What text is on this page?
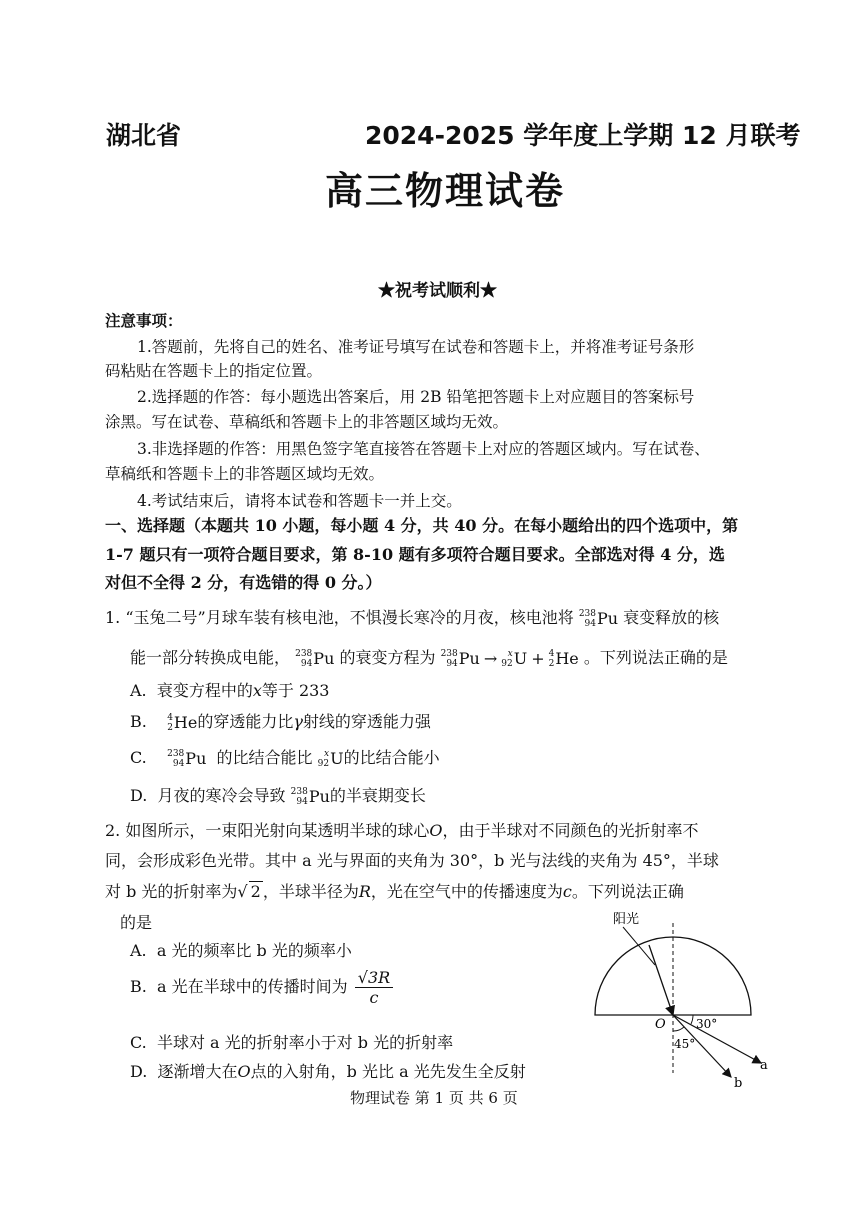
湖北省	2024-2025 学年度上学期 12 月联考
高三物理试卷
★祝考试顺利★
注意事项：
1.答题前，先将自己的姓名、准考证号填写在试卷和答题卡上，并将准考证号条形
码粘贴在答题卡上的指定位置。
2.选择题的作答：每小题选出答案后，用 2B 铅笔把答题卡上对应题目的答案标号
涂黑。写在试卷、草稿纸和答题卡上的非答题区域均无效。
3.非选择题的作答：用黑色签字笔直接答在答题卡上对应的答题区域内。写在试卷、
草稿纸和答题卡上的非答题区域均无效。
4.考试结束后，请将本试卷和答题卡一并上交。
一、选择题（本题共 10 小题，每小题 4 分，共 40 分。在每小题给出的四个选项中，第
1-7 题只有一项符合题目要求，第 8-10 题有多项符合题目要求。全部选对得 4 分，选
对但不全得 2 分，有选错的得 0 分。）
1. “玉兔二号”月球车装有核电池，不惧漫长寒冷的月夜，核电池将 238
94 Pu 衰变释放的核
能一部分转换成电能， 238
94 Pu 的衰变方程为 238
94 Pu → x
92 U + 4
2 He 。下列说法正确的是
A. 衰变方程中的x等于 233
B. 4
2 He 的穿透能力比γ射线的穿透能力强
C. 238
94 Pu 的比结合能比 x
92 U 的比结合能小
D. 月夜的寒冷会导致 238
94 Pu 的半衰期变长
2. 如图所示，一束阳光射向某透明半球的球心O，由于半球对不同颜色的光折射率不
同，会形成彩色光带。其中 a 光与界面的夹角为 30°，b 光与法线的夹角为 45°，半球
对 b 光的折射率为√ 2 ，半球半径为R，光在空气中的传播速度为c。下列说法正确
的是
A. a 光的频率比 b 光的频率小
B. a 光在半球中的传播时间为 $\frac{√3R}{c}$
C. 半球对 a 光的折射率小于对 b 光的折射率
D. 逐渐增大在O点的入射角，b 光比 a 光先发生全反射
阳光
O	30°
45°
a
b
物理试卷 第 1 页 共 6 页
